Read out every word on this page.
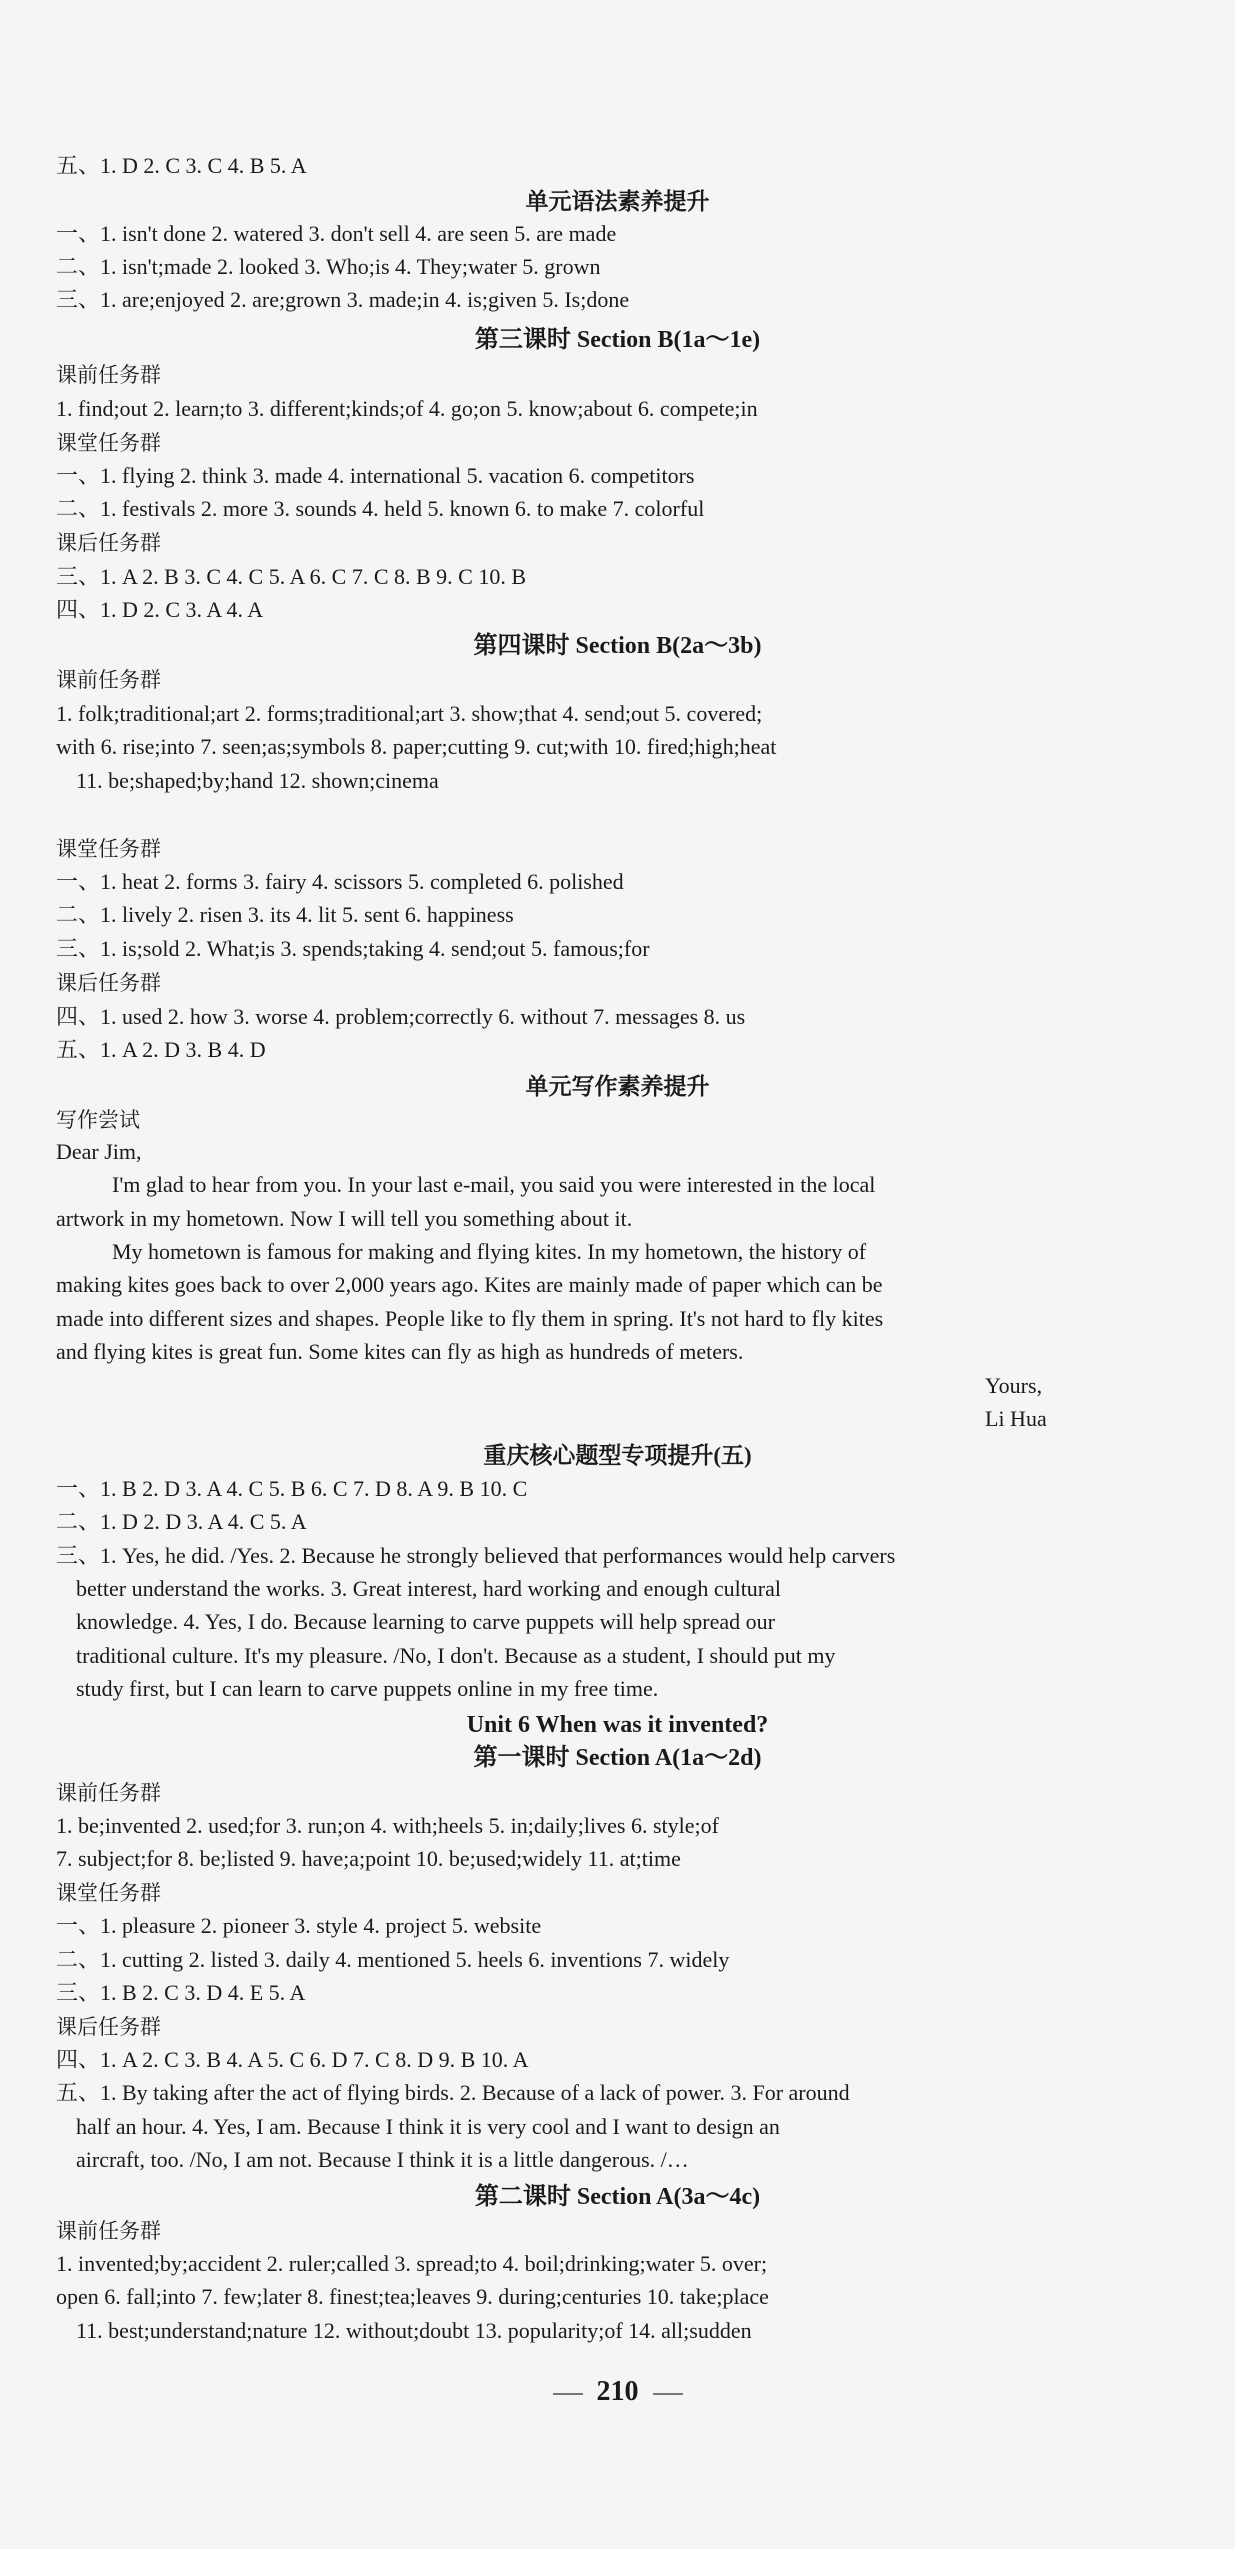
五、1. D 2. C 3. C 4. B 5. A
单元语法素养提升
一、1. isn't done 2. watered 3. don't sell 4. are seen 5. are made
二、1. isn't;made 2. looked 3. Who;is 4. They;water 5. grown
三、1. are;enjoyed 2. are;grown 3. made;in 4. is;given 5. Is;done
第三课时 Section B(1a～1e)
课前任务群
1. find;out 2. learn;to 3. different;kinds;of 4. go;on 5. know;about 6. compete;in
课堂任务群
一、1. flying 2. think 3. made 4. international 5. vacation 6. competitors
二、1. festivals 2. more 3. sounds 4. held 5. known 6. to make 7. colorful
课后任务群
三、1. A 2. B 3. C 4. C 5. A 6. C 7. C 8. B 9. C 10. B
四、1. D 2. C 3. A 4. A
第四课时 Section B(2a～3b)
课前任务群
1. folk;traditional;art 2. forms;traditional;art 3. show;that 4. send;out 5. covered;
with 6. rise;into 7. seen;as;symbols 8. paper;cutting 9. cut;with 10. fired;high;heat
11. be;shaped;by;hand 12. shown;cinema
课堂任务群
一、1. heat 2. forms 3. fairy 4. scissors 5. completed 6. polished
二、1. lively 2. risen 3. its 4. lit 5. sent 6. happiness
三、1. is;sold 2. What;is 3. spends;taking 4. send;out 5. famous;for
课后任务群
四、1. used 2. how 3. worse 4. problem;correctly 6. without 7. messages 8. us
五、1. A 2. D 3. B 4. D
单元写作素养提升
写作尝试
Dear Jim,
I'm glad to hear from you. In your last e-mail, you said you were interested in the local
artwork in my hometown. Now I will tell you something about it.
My hometown is famous for making and flying kites. In my hometown, the history of
making kites goes back to over 2,000 years ago. Kites are mainly made of paper which can be
made into different sizes and shapes. People like to fly them in spring. It's not hard to fly kites
and flying kites is great fun. Some kites can fly as high as hundreds of meters.
Yours,
Li Hua
重庆核心题型专项提升(五)
一、1. B 2. D 3. A 4. C 5. B 6. C 7. D 8. A 9. B 10. C
二、1. D 2. D 3. A 4. C 5. A
三、1. Yes, he did. /Yes. 2. Because he strongly believed that performances would help carvers
better understand the works. 3. Great interest, hard working and enough cultural
knowledge. 4. Yes, I do. Because learning to carve puppets will help spread our
traditional culture. It's my pleasure. /No, I don't. Because as a student, I should put my
study first, but I can learn to carve puppets online in my free time.
Unit 6 When was it invented?
第一课时 Section A(1a～2d)
课前任务群
1. be;invented 2. used;for 3. run;on 4. with;heels 5. in;daily;lives 6. style;of
7. subject;for 8. be;listed 9. have;a;point 10. be;used;widely 11. at;time
课堂任务群
一、1. pleasure 2. pioneer 3. style 4. project 5. website
二、1. cutting 2. listed 3. daily 4. mentioned 5. heels 6. inventions 7. widely
三、1. B 2. C 3. D 4. E 5. A
课后任务群
四、1. A 2. C 3. B 4. A 5. C 6. D 7. C 8. D 9. B 10. A
五、1. By taking after the act of flying birds. 2. Because of a lack of power. 3. For around
half an hour. 4. Yes, I am. Because I think it is very cool and I want to design an
aircraft, too. /No, I am not. Because I think it is a little dangerous. /…
第二课时 Section A(3a～4c)
课前任务群
1. invented;by;accident 2. ruler;called 3. spread;to 4. boil;drinking;water 5. over;
open 6. fall;into 7. few;later 8. finest;tea;leaves 9. during;centuries 10. take;place
11. best;understand;nature 12. without;doubt 13. popularity;of 14. all;sudden
210
